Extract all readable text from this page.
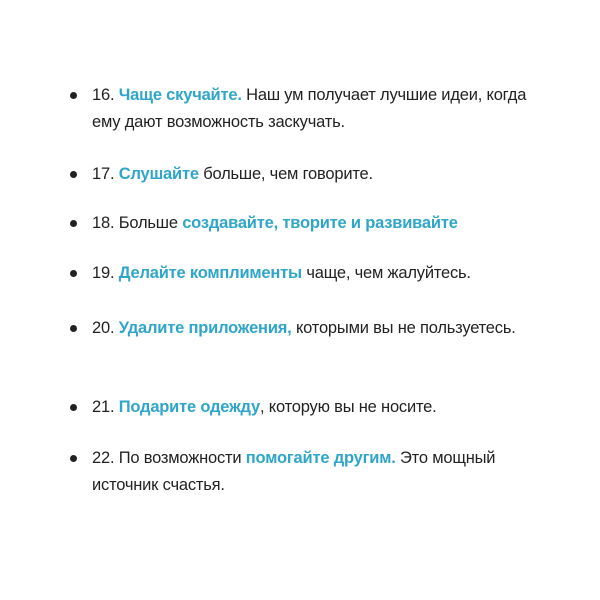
16. Чаще скучайте. Наш ум получает лучшие идеи, когда ему дают возможность заскучать.
17. Слушайте больше, чем говорите.
18. Больше создавайте, творите и развивайте
19. Делайте комплименты чаще, чем жалуйтесь.
20. Удалите приложения, которыми вы не пользуетесь.
21. Подарите одежду, которую вы не носите.
22. По возможности помогайте другим. Это мощный источник счастья.
